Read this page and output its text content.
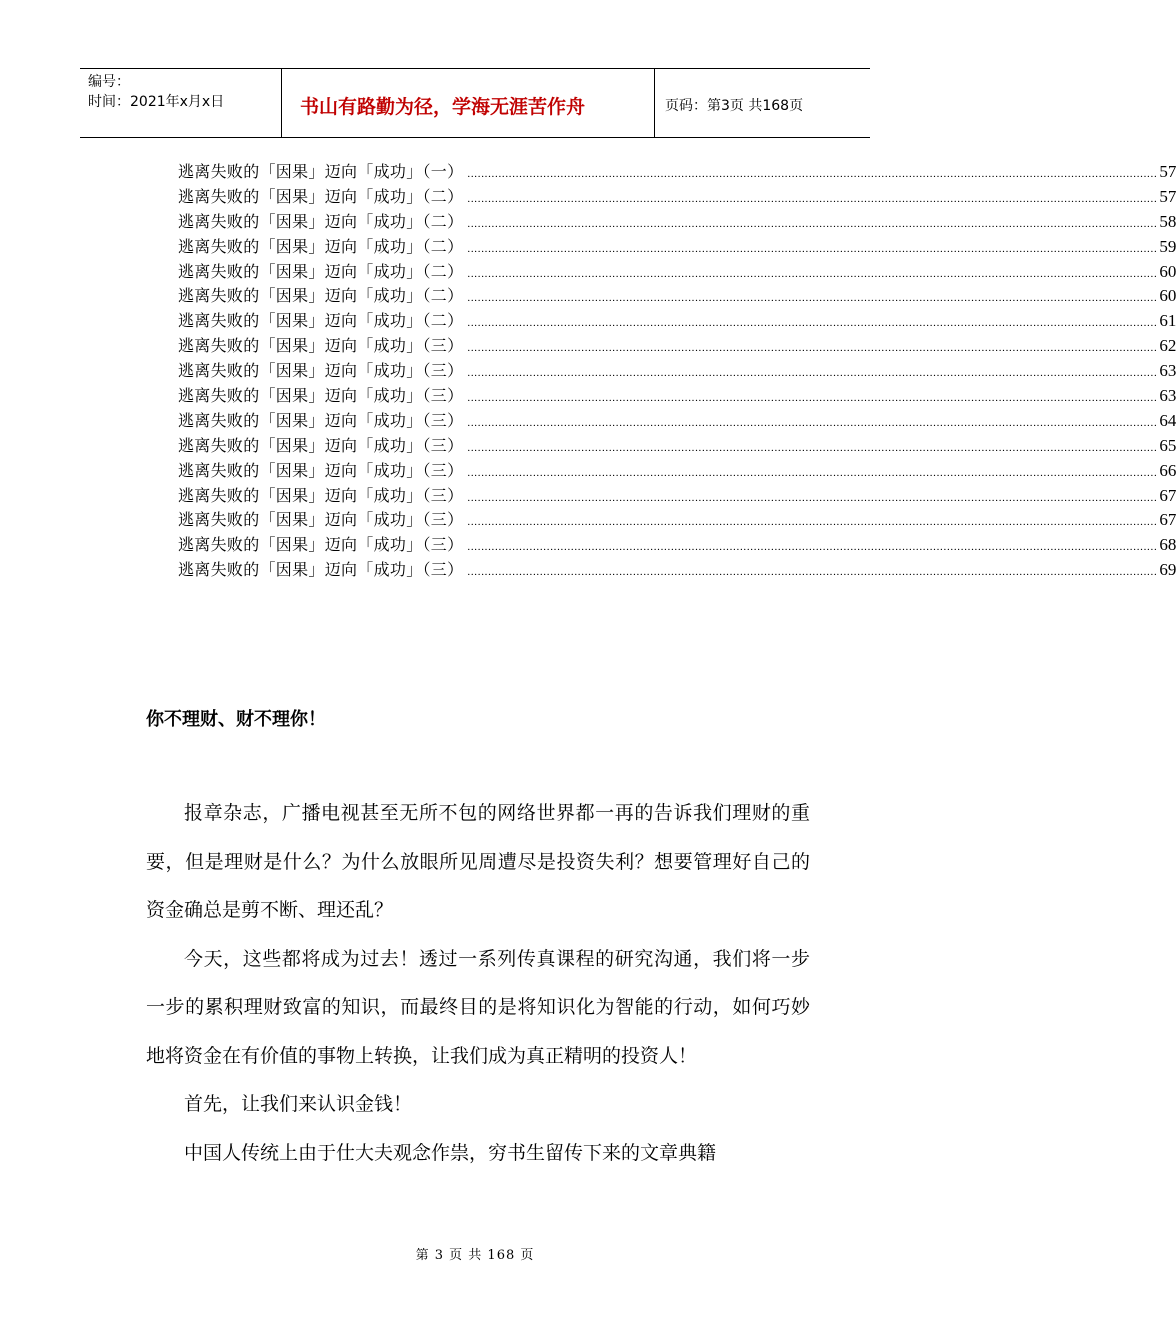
编号：
时间：2021年x月x日	书山有路勤为径，学海无涯苦作舟	页码：第3页 共168页
逃离失败的「因果」迈向「成功」（一） ........................................................................................................................................................................................................ 57
逃离失败的「因果」迈向「成功」（二） ........................................................................................................................................................................................................ 57
逃离失败的「因果」迈向「成功」（二） ........................................................................................................................................................................................................ 58
逃离失败的「因果」迈向「成功」（二） ........................................................................................................................................................................................................ 59
逃离失败的「因果」迈向「成功」（二） ........................................................................................................................................................................................................ 60
逃离失败的「因果」迈向「成功」（二） ........................................................................................................................................................................................................ 60
逃离失败的「因果」迈向「成功」（二） ........................................................................................................................................................................................................ 61
逃离失败的「因果」迈向「成功」（三） ........................................................................................................................................................................................................ 62
逃离失败的「因果」迈向「成功」（三） ........................................................................................................................................................................................................ 63
逃离失败的「因果」迈向「成功」（三） ........................................................................................................................................................................................................ 63
逃离失败的「因果」迈向「成功」（三） ........................................................................................................................................................................................................ 64
逃离失败的「因果」迈向「成功」（三） ........................................................................................................................................................................................................ 65
逃离失败的「因果」迈向「成功」（三） ........................................................................................................................................................................................................ 66
逃离失败的「因果」迈向「成功」（三） ........................................................................................................................................................................................................ 67
逃离失败的「因果」迈向「成功」（三） ........................................................................................................................................................................................................ 67
逃离失败的「因果」迈向「成功」（三） ........................................................................................................................................................................................................ 68
逃离失败的「因果」迈向「成功」（三） ........................................................................................................................................................................................................ 69
你不理财、财不理你！

报章杂志，广播电视甚至无所不包的网络世界都一再的告诉我们理财的重要，但是理财是什么？为什么放眼所见周遭尽是投资失利？想要管理好自己的资金确总是剪不断、理还乱？

今天，这些都将成为过去！透过一系列传真课程的研究沟通，我们将一步一步的累积理财致富的知识，而最终目的是将知识化为智能的行动，如何巧妙地将资金在有价值的事物上转换，让我们成为真正精明的投资人！

首先，让我们来认识金钱！

中国人传统上由于仕大夫观念作祟，穷书生留传下来的文章典籍

第 3 页 共 168 页
